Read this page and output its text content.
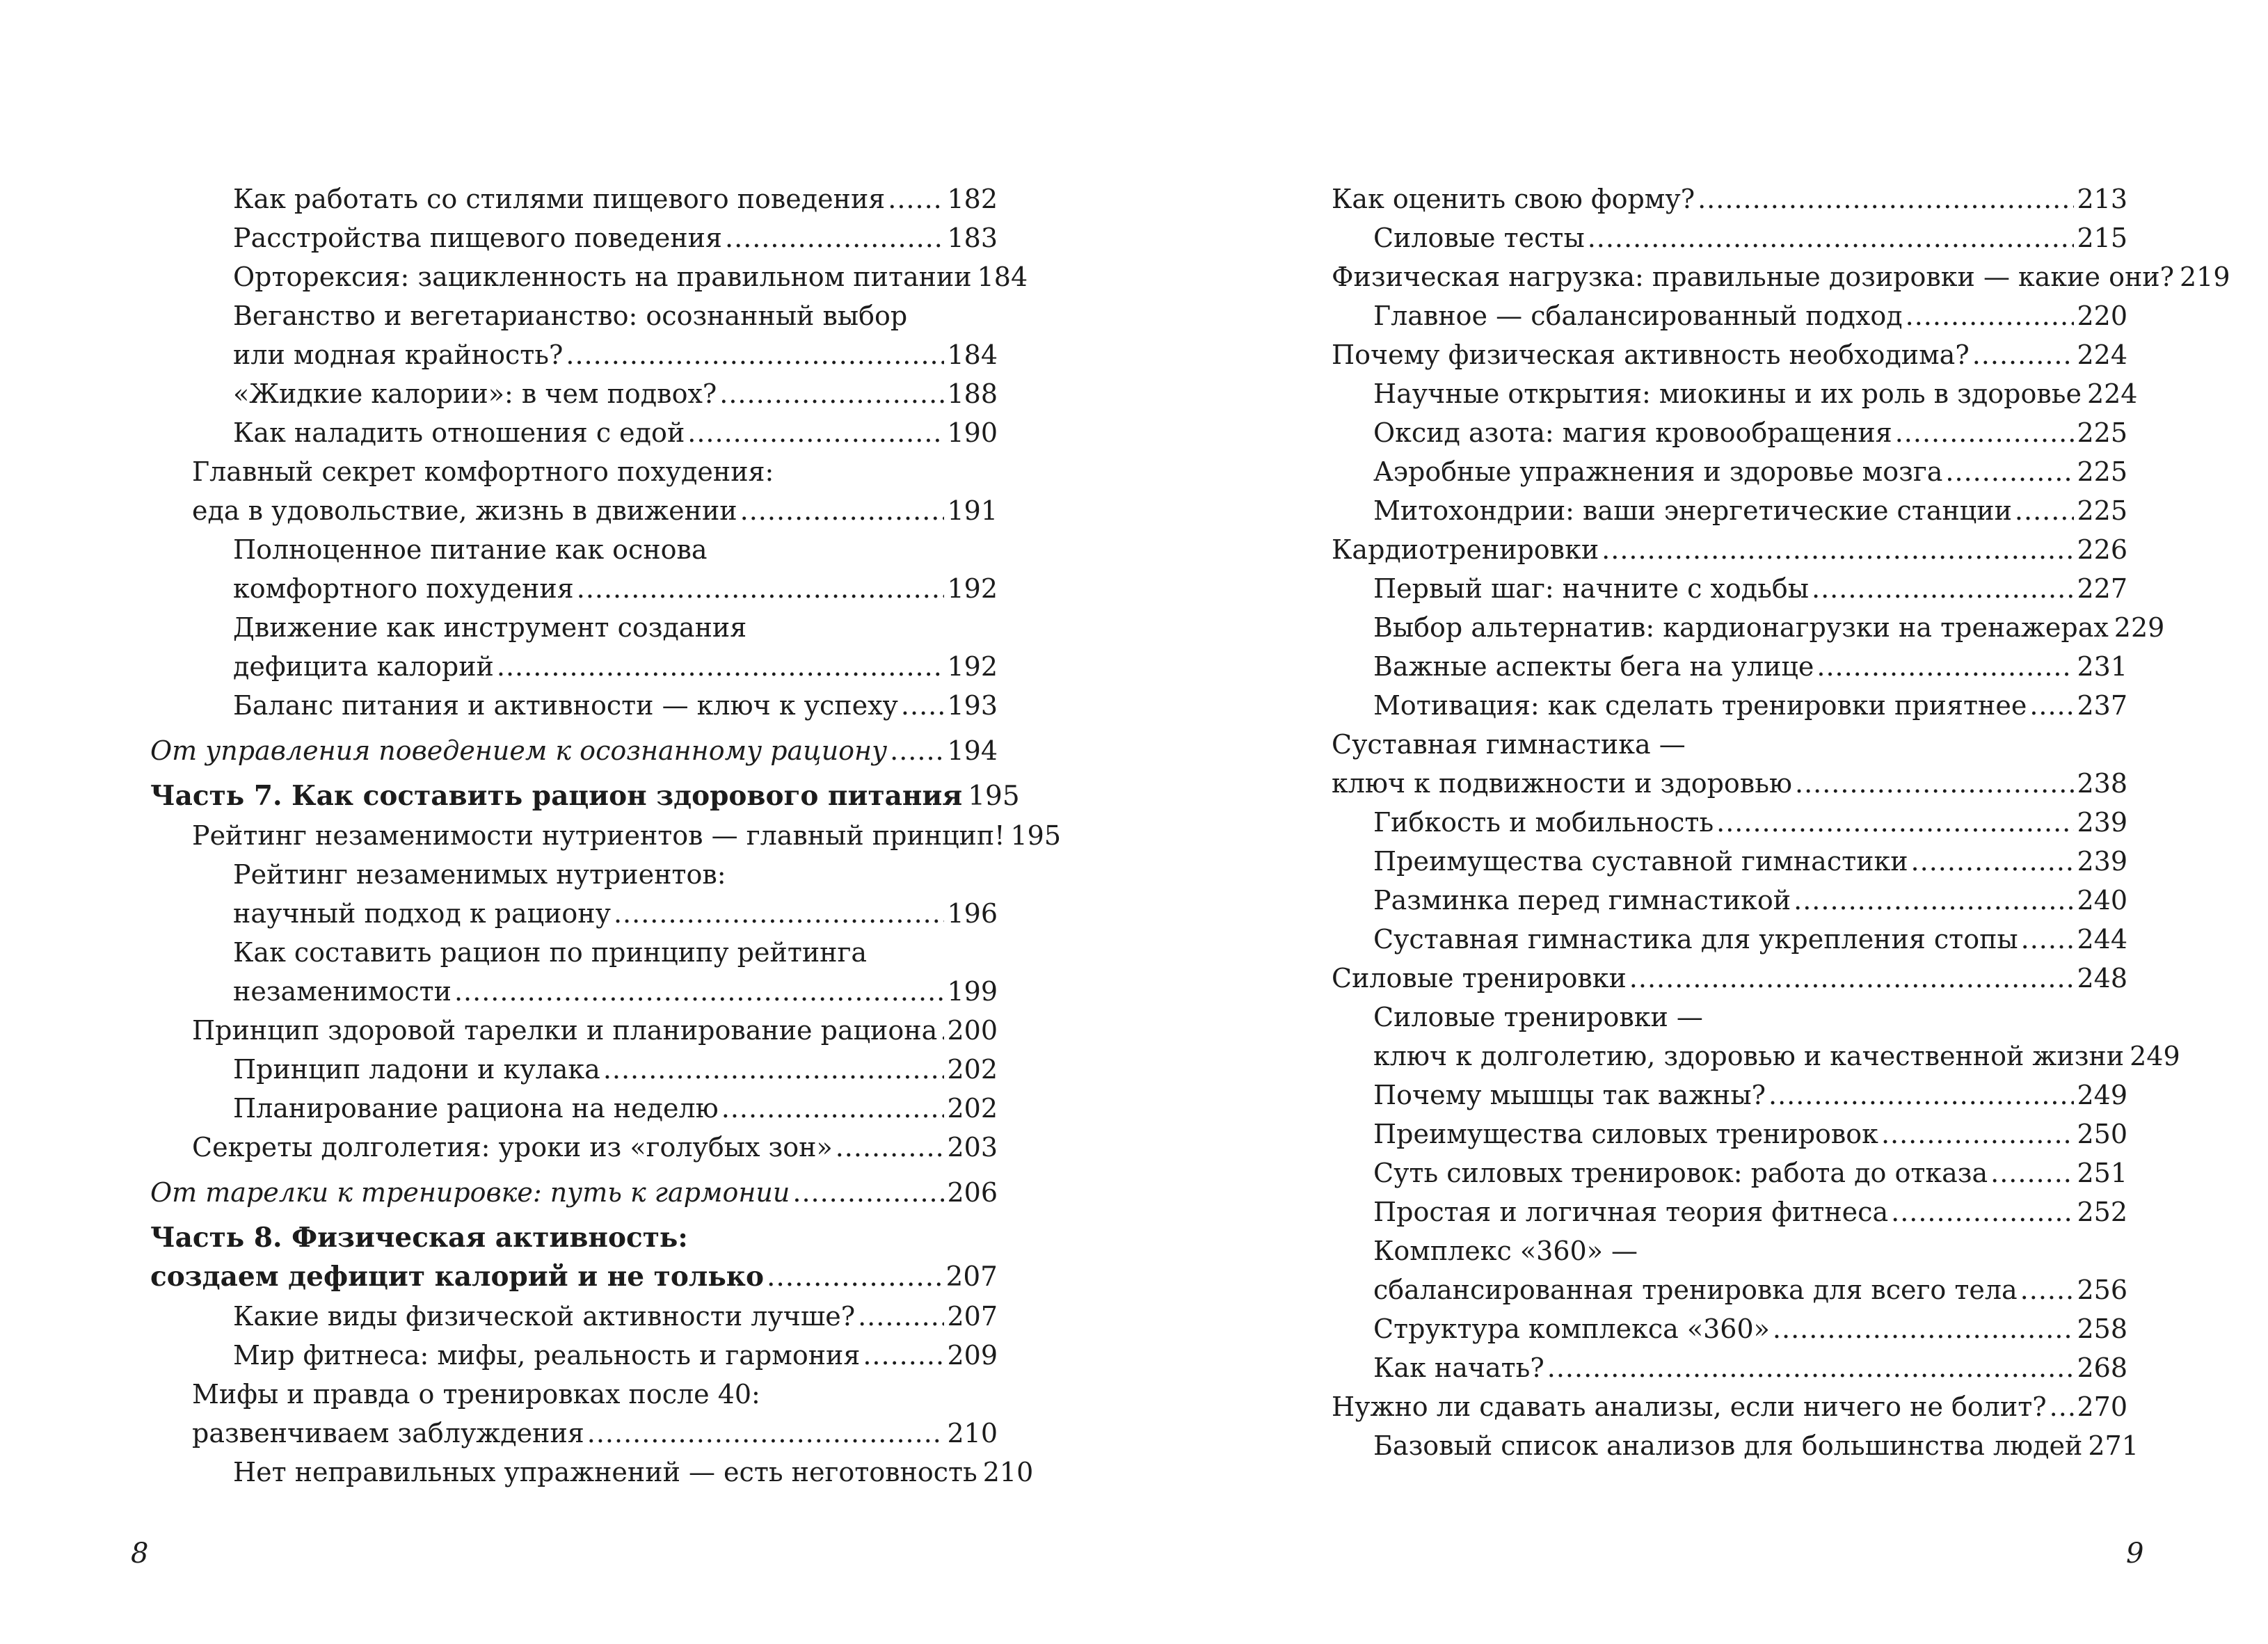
Как работать со стилями пищевого поведения ..... 182
Расстройства пищевого поведения .....	183
Орторексия: зацикленность на правильном питании 184
Веганство и вегетарианство: осознанный выбор
или модная крайность? .....	184
«Жидкие калории»: в чем подвох? .....	188
Как наладить отношения с едой .....	190
Главный секрет комфортного похудения:
еда в удовольствие, жизнь в движении .....	191
Полноценное питание как основа
комфортного похудения .....	192
Движение как инструмент создания
дефицита калорий .....	192
Баланс питания и активности — ключ к успеху ..... 193
От управления поведением к осознанному рациону ..... 194
Часть 7. Как составить рацион здорового питания 195
Рейтинг незаменимости нутриентов — главный принцип! 195
Рейтинг незаменимых нутриентов:
научный подход к рациону .....	196
Как составить рацион по принципу рейтинга
незаменимости .....	199
Принцип здоровой тарелки и планирование рациона ..... 200
Принцип ладони и кулака .....	202
Планирование рациона на неделю .....	202
Секреты долголетия: уроки из «голубых зон» .....	203
От тарелки к тренировке: путь к гармонии .....	206
Часть 8. Физическая активность:
создаем дефицит калорий и не только .....	207
Какие виды физической активности лучше? .....	207
Мир фитнеса: мифы, реальность и гармония .....	209
Мифы и правда о тренировках после 40:
развенчиваем заблуждения .....	210
Нет неправильных упражнений — есть неготовность 210
Как оценить свою форму? .....	213
Силовые тесты .....	215
Физическая нагрузка: правильные дозировки — какие они? 219
Главное — сбалансированный подход .....	220
Почему физическая активность необходима? .....	224
Научные открытия: миокины и их роль в здоровье 224
Оксид азота: магия кровообращения .....	225
Аэробные упражнения и здоровье мозга .....	225
Митохондрии: ваши энергетические станции ..... 225
Кардиотренировки .....	226
Первый шаг: начните с ходьбы .....	227
Выбор альтернатив: кардионагрузки на тренажерах 229
Важные аспекты бега на улице .....	231
Мотивация: как сделать тренировки приятнее ..... 237
Суставная гимнастика —
ключ к подвижности и здоровью .....	238
Гибкость и мобильность .....	239
Преимущества суставной гимнастики .....	239
Разминка перед гимнастикой .....	240
Суставная гимнастика для укрепления стопы ..... 244
Силовые тренировки .....	248
Силовые тренировки —
ключ к долголетию, здоровью и качественной жизни 249
Почему мышцы так важны? .....	249
Преимущества силовых тренировок .....	250
Суть силовых тренировок: работа до отказа .....	251
Простая и логичная теория фитнеса .....	252
Комплекс «360» —
сбалансированная тренировка для всего тела ..... 256
Структура комплекса «360» .....	258
Как начать? .....	268
Нужно ли сдавать анализы, если ничего не болит? ..... 270
Базовый список анализов для большинства людей 271
8	9
